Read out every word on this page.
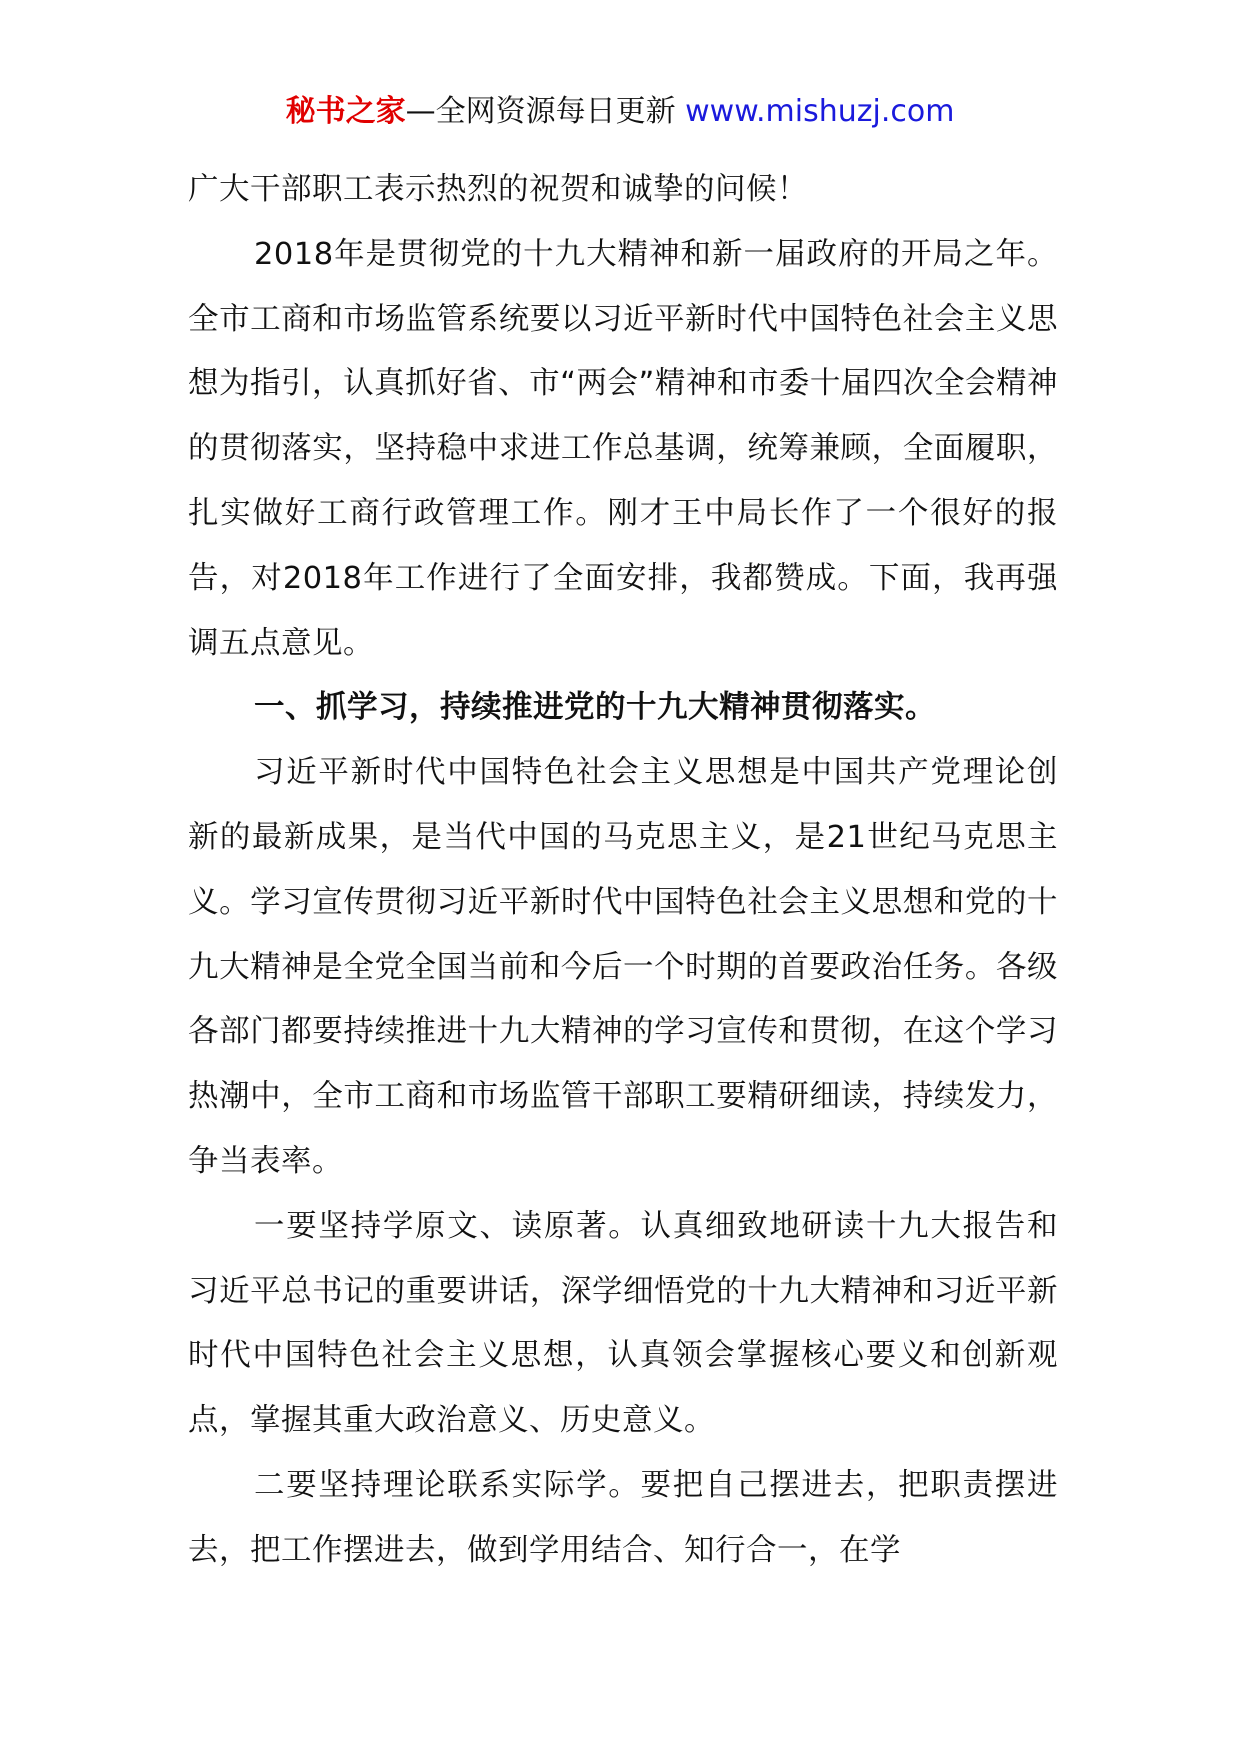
秘书之家—全网资源每日更新 www.mishuzj.com

广大干部职工表示热烈的祝贺和诚挚的问候！

2018年是贯彻党的十九大精神和新一届政府的开局之年。全市工商和市场监管系统要以习近平新时代中国特色社会主义思想为指引，认真抓好省、市“两会”精神和市委十届四次全会精神的贯彻落实，坚持稳中求进工作总基调，统筹兼顾，全面履职，扎实做好工商行政管理工作。刚才王中局长作了一个很好的报告，对2018年工作进行了全面安排，我都赞成。下面，我再强调五点意见。

一、抓学习，持续推进党的十九大精神贯彻落实。

习近平新时代中国特色社会主义思想是中国共产党理论创新的最新成果，是当代中国的马克思主义，是21世纪马克思主义。学习宣传贯彻习近平新时代中国特色社会主义思想和党的十九大精神是全党全国当前和今后一个时期的首要政治任务。各级各部门都要持续推进十九大精神的学习宣传和贯彻，在这个学习热潮中，全市工商和市场监管干部职工要精研细读，持续发力，争当表率。

一要坚持学原文、读原著。认真细致地研读十九大报告和习近平总书记的重要讲话，深学细悟党的十九大精神和习近平新时代中国特色社会主义思想，认真领会掌握核心要义和创新观点，掌握其重大政治意义、历史意义。

二要坚持理论联系实际学。要把自己摆进去，把职责摆进去，把工作摆进去，做到学用结合、知行合一，在学
